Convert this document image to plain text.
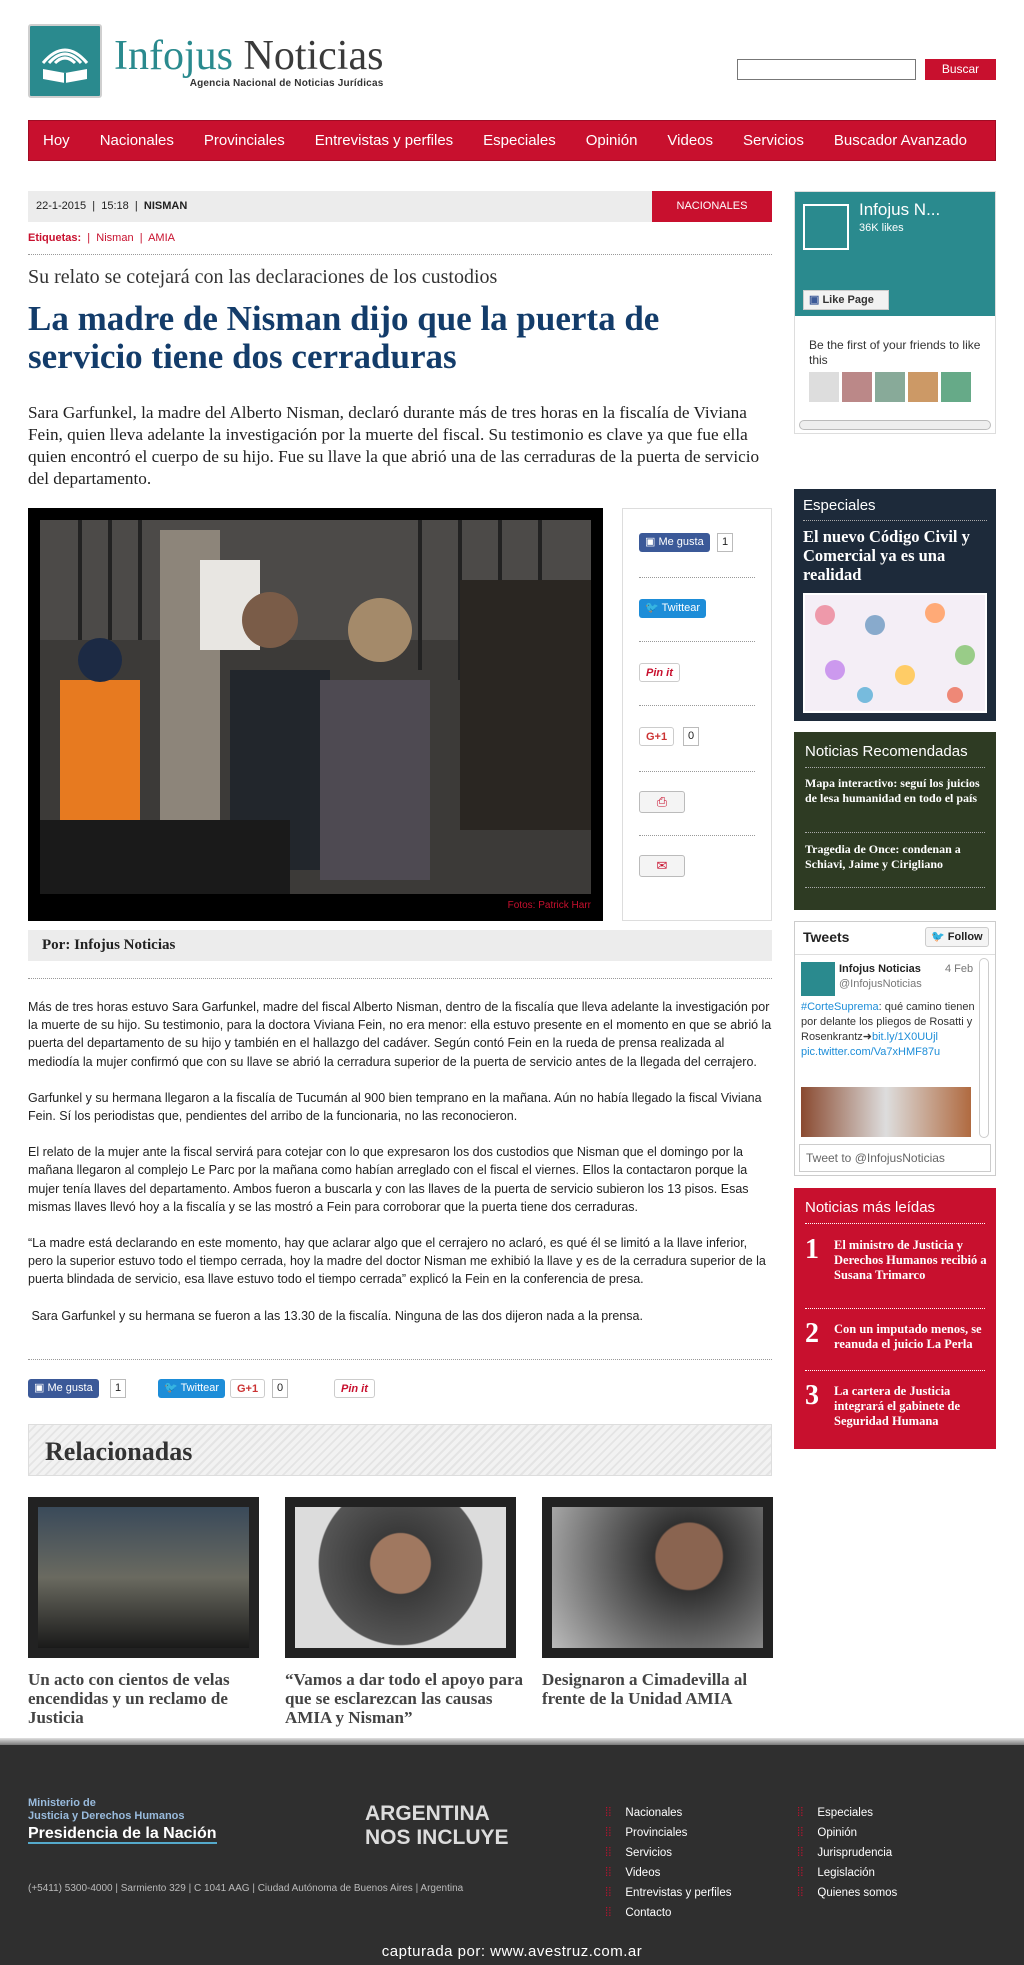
Infojus Noticias
Agencia Nacional de Noticias Jurídicas
Buscar
Hoy Nacionales Provinciales Entrevistas y perfiles Especiales Opinión Videos Servicios Buscador Avanzado
22-1-2015  |  15:18  |  NISMAN	NACIONALES
Etiquetas:  |  Nisman  |  AMIA
Su relato se cotejará con las declaraciones de los custodios
La madre de Nisman dijo que la puerta de servicio tiene dos cerraduras
Sara Garfunkel, la madre del Alberto Nisman, declaró durante más de tres horas en la fiscalía de Viviana Fein, quien lleva adelante la investigación por la muerte del fiscal. Su testimonio es clave ya que fue ella quien encontró el cuerpo de su hijo. Fue su llave la que abrió una de las cerraduras de la puerta de servicio del departamento.
Fotos: Patrick Harr
▣ Me gusta	1
🐦 Twittear
Pin it
G+1	0
⎙
✉
Por: Infojus Noticias

Más de tres horas estuvo Sara Garfunkel, madre del fiscal Alberto Nisman, dentro de la fiscalía que lleva adelante la investigación por la muerte de su hijo. Su testimonio, para la doctora Viviana Fein, no era menor: ella estuvo presente en el momento en que se abrió la puerta del departamento de su hijo y también en el hallazgo del cadáver. Según contó Fein en la rueda de prensa realizada al mediodía la mujer confirmó que con su llave se abrió la cerradura superior de la puerta de servicio antes de la llegada del cerrajero.

Garfunkel y su hermana llegaron a la fiscalía de Tucumán al 900 bien temprano en la mañana. Aún no había llegado la fiscal Viviana Fein. Sí los periodistas que, pendientes del arribo de la funcionaria, no las reconocieron.

El relato de la mujer ante la fiscal servirá para cotejar con lo que expresaron los dos custodios que Nisman que el domingo por la mañana llegaron al complejo Le Parc por la mañana como habían arreglado con el fiscal el viernes. Ellos la contactaron porque la mujer tenía llaves del departamento. Ambos fueron a buscarla y con las llaves de la puerta de servicio subieron los 13 pisos. Esas mismas llaves llevó hoy a la fiscalía y se las mostró a Fein para corroborar que la puerta tiene dos cerraduras.

“La madre está declarando en este momento, hay que aclarar algo que el cerrajero no aclaró, es qué él se limitó a la llave inferior, pero la superior estuvo todo el tiempo cerrada, hoy la madre del doctor Nisman me exhibió la llave y es de la cerradura superior de la puerta blindada de servicio, esa llave estuvo todo el tiempo cerrada” explicó la Fein en la conferencia de presa.

Sara Garfunkel y su hermana se fueron a las 13.30 de la fiscalía. Ninguna de las dos dijeron nada a la prensa.

▣ Me gusta	1	🐦 Twittear	G+1	0	Pin it
Relacionadas
Un acto con cientos de velas encendidas y un reclamo de Justicia
“Vamos a dar todo el apoyo para que se esclarezcan las causas AMIA y Nisman”
Designaron a Cimadevilla al frente de la Unidad AMIA
Infojus N...
36K likes
▣ Like Page
Be the first of your friends to like this
Especiales
El nuevo Código Civil y Comercial ya es una realidad
Noticias Recomendadas
Mapa interactivo: seguí los juicios de lesa humanidad en todo el país
Tragedia de Once: condenan a Schiavi, Jaime y Cirigliano
Tweets	🐦 Follow
Infojus Noticias 4 Feb
@InfojusNoticias
#CorteSuprema: qué camino tienen por delante los pliegos de Rosatti y Rosenkrantz➜bit.ly/1X0UUjl pic.twitter.com/Va7xHMF87u
Tweet to @InfojusNoticias
Noticias más leídas
1 El ministro de Justicia y Derechos Humanos recibió a Susana Trimarco
2 Con un imputado menos, se reanuda el juicio La Perla
3 La cartera de Justicia integrará el gabinete de Seguridad Humana
Ministerio de
Justicia y Derechos Humanos
Presidencia de la Nación
ARGENTINA
NOS INCLUYE
(+5411) 5300-4000 | Sarmiento 329 | C 1041 AAG | Ciudad Autónoma de Buenos Aires | Argentina
⁞⁞ Nacionales
⁞⁞ Provinciales
⁞⁞ Servicios
⁞⁞ Videos
⁞⁞ Entrevistas y perfiles
⁞⁞ Contacto
⁞⁞ Especiales
⁞⁞ Opinión
⁞⁞ Jurisprudencia
⁞⁞ Legislación
⁞⁞ Quienes somos
capturada por: www.avestruz.com.ar
